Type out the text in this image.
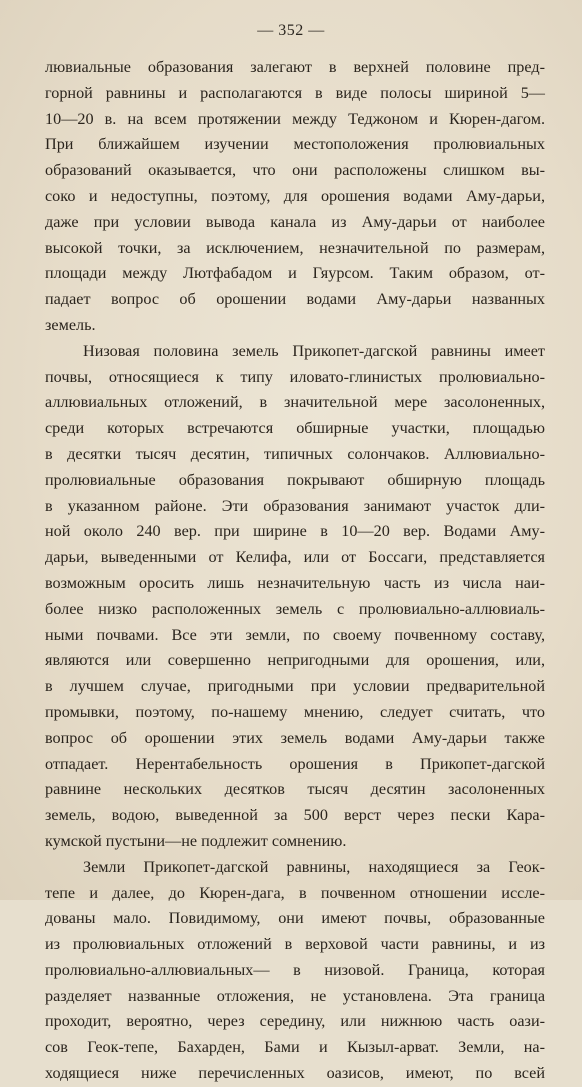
— 352 —
лювиальные образования залегают в верхней половине пред-
горной равнины и располагаются в виде полосы шириной 5—
10—20 в. на всем протяжении между Теджоном и Кюрен-дагом.
При ближайшем изучении местоположения пролювиальных
образований оказывается, что они расположены слишком вы-
соко и недоступны, поэтому, для орошения водами Аму-дарьи,
даже при условии вывода канала из Аму-дарьи от наиболее
высокой точки, за исключением, незначительной по размерам,
площади между Лютфабадом и Гяурсом. Таким образом, от-
падает вопрос об орошении водами Аму-дарьи названных
земель.
Низовая половина земель Прикопет-дагской равнины имеет
почвы, относящиеся к типу иловато-глинистых пролювиально-
аллювиальных отложений, в значительной мере засолоненных,
среди которых встречаются обширные участки, площадью
в десятки тысяч десятин, типичных солончаков. Аллювиально-
пролювиальные образования покрывают обширную площадь
в указанном районе. Эти образования занимают участок дли-
ной около 240 вер. при ширине в 10—20 вер. Водами Аму-
дарьи, выведенными от Келифа, или от Боссаги, представляется
возможным оросить лишь незначительную часть из числа наи-
более низко расположенных земель с пролювиально-аллювиаль-
ными почвами. Все эти земли, по своему почвенному составу,
являются или совершенно непригодными для орошения, или,
в лучшем случае, пригодными при условии предварительной
промывки, поэтому, по-нашему мнению, следует считать, что
вопрос об орошении этих земель водами Аму-дарьи также
отпадает. Нерентабельность орошения в Прикопет-дагской
равнине нескольких десятков тысяч десятин засолоненных
земель, водою, выведенной за 500 верст через пески Кара-
кумской пустыни—не подлежит сомнению.
Земли Прикопет-дагской равнины, находящиеся за Геок-
тепе и далее, до Кюрен-дага, в почвенном отношении иссле-
дованы мало. Повидимому, они имеют почвы, образованные
из пролювиальных отложений в верховой части равнины, и из
пролювиально-аллювиальных— в низовой. Граница, которая
разделяет названные отложения, не установлена. Эта граница
проходит, вероятно, через середину, или нижнюю часть оази-
сов Геок-тепе, Бахарден, Бами и Кызыл-арват. Земли, на-
ходящиеся ниже перечисленных оазисов, имеют, по всей
